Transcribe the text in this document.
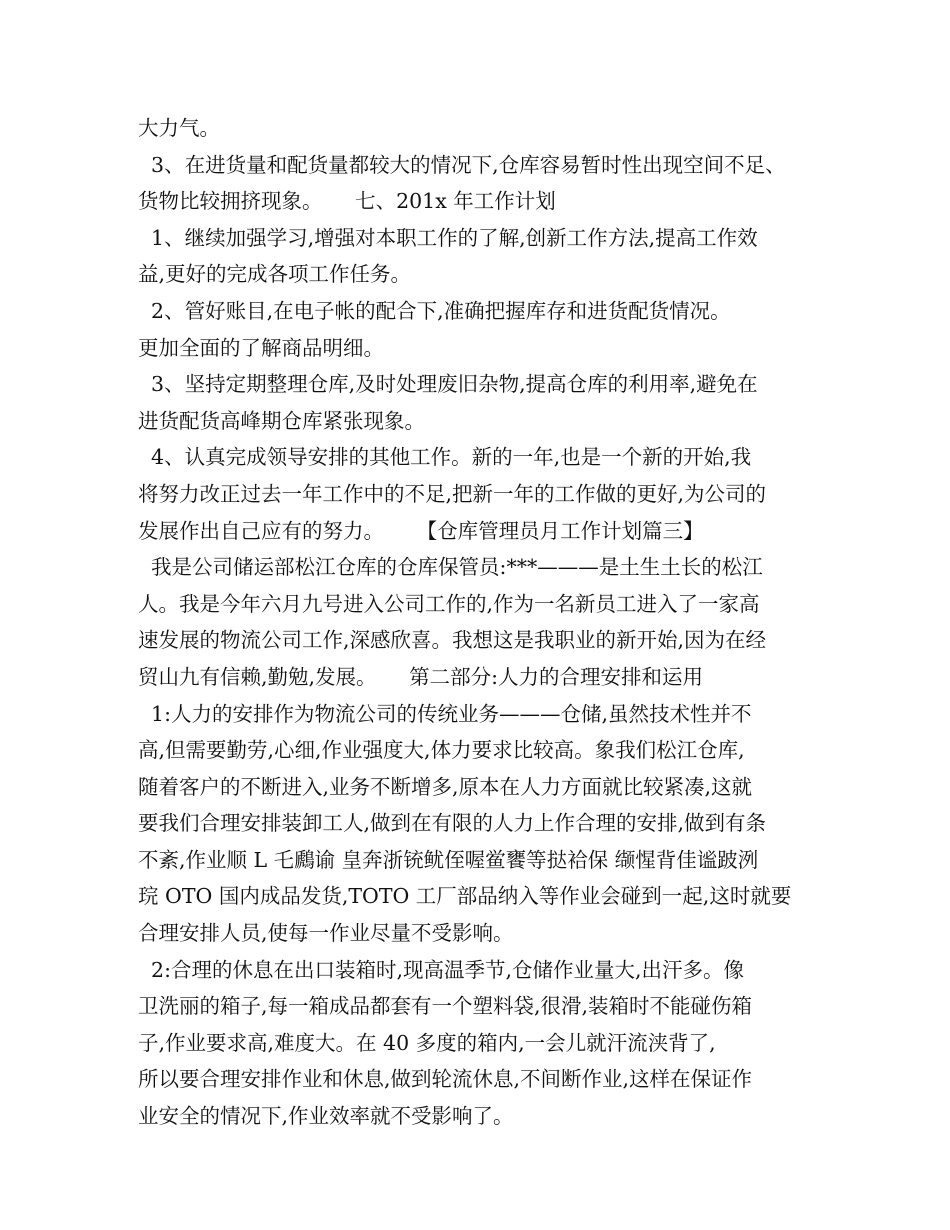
大力气。
3、在进货量和配货量都较大的情况下,仓库容易暂时性出现空间不足、
货物比较拥挤现象。     七、201x 年工作计划
1、继续加强学习,增强对本职工作的了解,创新工作方法,提高工作效
益,更好的完成各项工作任务。
2、管好账目,在电子帐的配合下,准确把握库存和进货配货情况。
更加全面的了解商品明细。
3、坚持定期整理仓库,及时处理废旧杂物,提高仓库的利用率,避免在
进货配货高峰期仓库紧张现象。
4、认真完成领导安排的其他工作。新的一年,也是一个新的开始,我
将努力改正过去一年工作中的不足,把新一年的工作做的更好,为公司的
发展作出自己应有的努力。     【仓库管理员月工作计划篇三】
我是公司储运部松江仓库的仓库保管员:***———是土生土长的松江
人。我是今年六月九号进入公司工作的,作为一名新员工进入了一家高
速发展的物流公司工作,深感欣喜。我想这是我职业的新开始,因为在经
贸山九有信赖,勤勉,发展。     第二部分:人力的合理安排和运用
1:人力的安排作为物流公司的传统业务———仓储,虽然技术性并不
高,但需要勤劳,心细,作业强度大,体力要求比较高。象我们松江仓库,
随着客户的不断进入,业务不断增多,原本在人力方面就比较紧凑,这就
要我们合理安排装卸工人,做到在有限的人力上作合理的安排,做到有条
不紊,作业顺 L 乇鷉谕 皇奔浙铳鱿侄喔鲎饔等挞袷保 缬惺背佳谧跛洌
琓 OTO 国内成品发货,TOTO 工厂部品纳入等作业会碰到一起,这时就要
合理安排人员,使每一作业尽量不受影响。
2:合理的休息在出口装箱时,现高温季节,仓储作业量大,出汗多。像
卫洗丽的箱子,每一箱成品都套有一个塑料袋,很滑,装箱时不能碰伤箱
子,作业要求高,难度大。在 40 多度的箱内,一会儿就汗流浃背了,
所以要合理安排作业和休息,做到轮流休息,不间断作业,这样在保证作
业安全的情况下,作业效率就不受影响了。
